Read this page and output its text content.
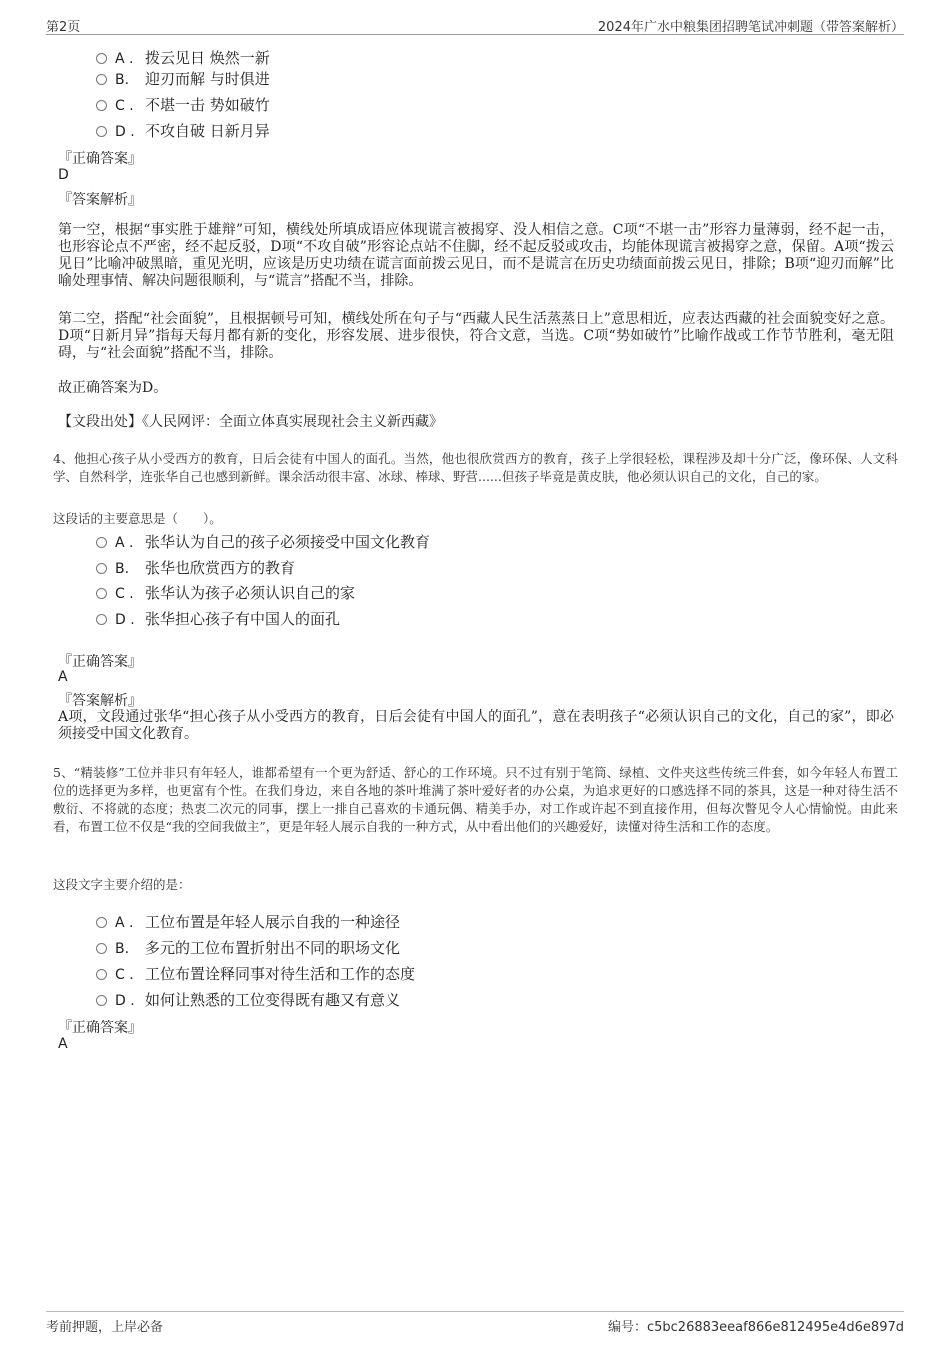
第2页	2024年广水中粮集团招聘笔试冲刺题（带答案解析）
A . 拨云见日 焕然一新
B. 迎刃而解 与时俱进
C . 不堪一击 势如破竹
D . 不攻自破 日新月异
『正确答案』
D
『答案解析』
第一空，根据“事实胜于雄辩”可知，横线处所填成语应体现谎言被揭穿、没人相信之意。C项“不堪一击”形容力量薄弱，经不起一击，也形容论点不严密，经不起反驳，D项“不攻自破”形容论点站不住脚，经不起反驳或攻击，均能体现谎言被揭穿之意，保留。A项“拨云见日”比喻冲破黑暗，重见光明，应该是历史功绩在谎言面前拨云见日，而不是谎言在历史功绩面前拨云见日，排除；B项“迎刃而解”比喻处理事情、解决问题很顺利，与“谎言”搭配不当，排除。
第二空，搭配“社会面貌”，且根据顿号可知，横线处所在句子与“西藏人民生活蒸蒸日上”意思相近，应表达西藏的社会面貌变好之意。D项“日新月异”指每天每月都有新的变化，形容发展、进步很快，符合文意，当选。C项“势如破竹”比喻作战或工作节节胜利，毫无阻碍，与“社会面貌”搭配不当，排除。
故正确答案为D。
【文段出处】《人民网评：全面立体真实展现社会主义新西藏》
4、他担心孩子从小受西方的教育，日后会徒有中国人的面孔。当然，他也很欣赏西方的教育，孩子上学很轻松，课程涉及却十分广泛，像环保、人文科学、自然科学，连张华自己也感到新鲜。课余活动很丰富、冰球、棒球、野营......但孩子毕竟是黄皮肤，他必须认识自己的文化，自己的家。
这段话的主要意思是（　　）。
A . 张华认为自己的孩子必须接受中国文化教育
B. 张华也欣赏西方的教育
C . 张华认为孩子必须认识自己的家
D . 张华担心孩子有中国人的面孔
『正确答案』
A
『答案解析』
A项，文段通过张华“担心孩子从小受西方的教育，日后会徒有中国人的面孔”，意在表明孩子“必须认识自己的文化，自己的家”，即必须接受中国文化教育。
5、“精装修”工位并非只有年轻人，谁都希望有一个更为舒适、舒心的工作环境。只不过有别于笔筒、绿植、文件夹这些传统三件套，如今年轻人布置工位的选择更为多样，也更富有个性。在我们身边，来自各地的茶叶堆满了茶叶爱好者的办公桌，为追求更好的口感选择不同的茶具，这是一种对待生活不敷衍、不将就的态度；热衷二次元的同事，摆上一排自己喜欢的卡通玩偶、精美手办，对工作或许起不到直接作用，但每次瞥见令人心情愉悦。由此来看，布置工位不仅是“我的空间我做主”，更是年轻人展示自我的一种方式，从中看出他们的兴趣爱好，读懂对待生活和工作的态度。
这段文字主要介绍的是：
A . 工位布置是年轻人展示自我的一种途径
B. 多元的工位布置折射出不同的职场文化
C . 工位布置诠释同事对待生活和工作的态度
D . 如何让熟悉的工位变得既有趣又有意义
『正确答案』
A
考前押题，上岸必备	编号：c5bc26883eeaf866e812495e4d6e897d
